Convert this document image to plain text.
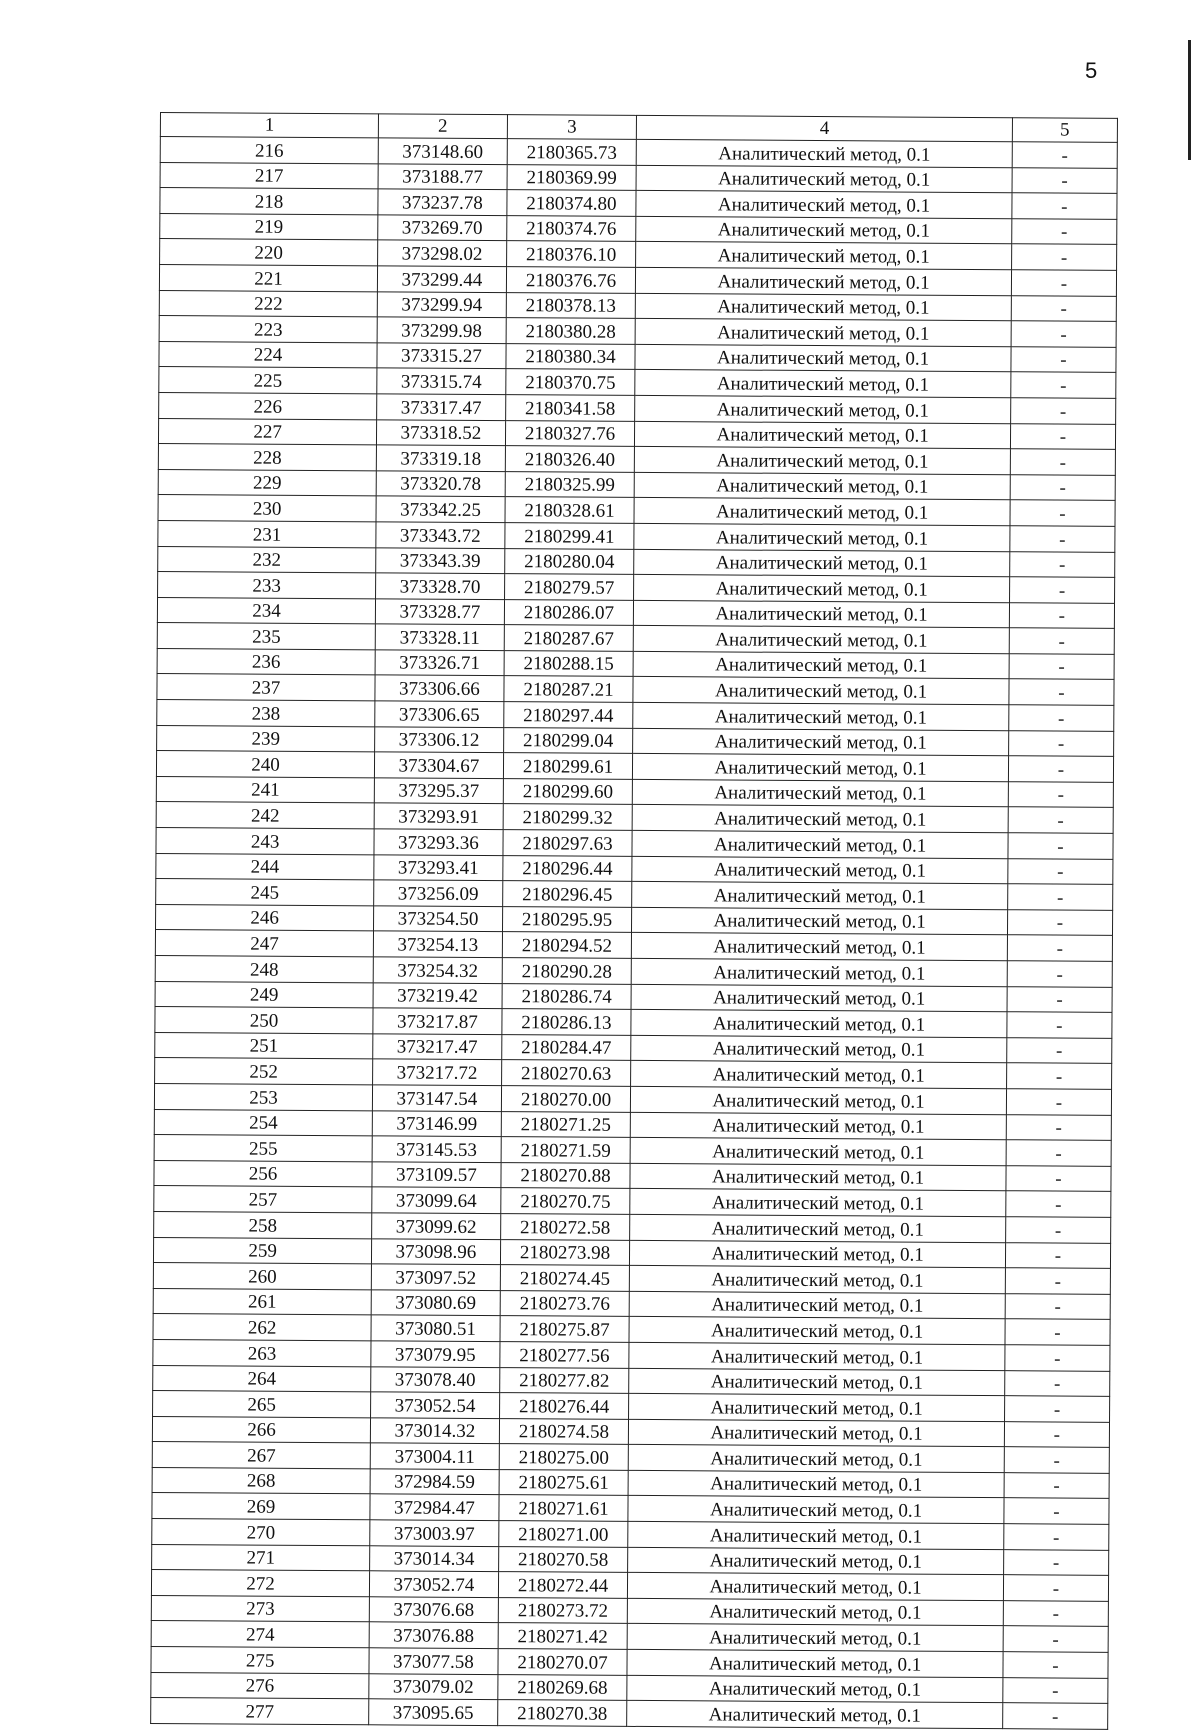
5
1	2	3	4	5
216	373148.60	2180365.73	Аналитический метод, 0.1	-
217	373188.77	2180369.99	Аналитический метод, 0.1	-
218	373237.78	2180374.80	Аналитический метод, 0.1	-
219	373269.70	2180374.76	Аналитический метод, 0.1	-
220	373298.02	2180376.10	Аналитический метод, 0.1	-
221	373299.44	2180376.76	Аналитический метод, 0.1	-
222	373299.94	2180378.13	Аналитический метод, 0.1	-
223	373299.98	2180380.28	Аналитический метод, 0.1	-
224	373315.27	2180380.34	Аналитический метод, 0.1	-
225	373315.74	2180370.75	Аналитический метод, 0.1	-
226	373317.47	2180341.58	Аналитический метод, 0.1	-
227	373318.52	2180327.76	Аналитический метод, 0.1	-
228	373319.18	2180326.40	Аналитический метод, 0.1	-
229	373320.78	2180325.99	Аналитический метод, 0.1	-
230	373342.25	2180328.61	Аналитический метод, 0.1	-
231	373343.72	2180299.41	Аналитический метод, 0.1	-
232	373343.39	2180280.04	Аналитический метод, 0.1	-
233	373328.70	2180279.57	Аналитический метод, 0.1	-
234	373328.77	2180286.07	Аналитический метод, 0.1	-
235	373328.11	2180287.67	Аналитический метод, 0.1	-
236	373326.71	2180288.15	Аналитический метод, 0.1	-
237	373306.66	2180287.21	Аналитический метод, 0.1	-
238	373306.65	2180297.44	Аналитический метод, 0.1	-
239	373306.12	2180299.04	Аналитический метод, 0.1	-
240	373304.67	2180299.61	Аналитический метод, 0.1	-
241	373295.37	2180299.60	Аналитический метод, 0.1	-
242	373293.91	2180299.32	Аналитический метод, 0.1	-
243	373293.36	2180297.63	Аналитический метод, 0.1	-
244	373293.41	2180296.44	Аналитический метод, 0.1	-
245	373256.09	2180296.45	Аналитический метод, 0.1	-
246	373254.50	2180295.95	Аналитический метод, 0.1	-
247	373254.13	2180294.52	Аналитический метод, 0.1	-
248	373254.32	2180290.28	Аналитический метод, 0.1	-
249	373219.42	2180286.74	Аналитический метод, 0.1	-
250	373217.87	2180286.13	Аналитический метод, 0.1	-
251	373217.47	2180284.47	Аналитический метод, 0.1	-
252	373217.72	2180270.63	Аналитический метод, 0.1	-
253	373147.54	2180270.00	Аналитический метод, 0.1	-
254	373146.99	2180271.25	Аналитический метод, 0.1	-
255	373145.53	2180271.59	Аналитический метод, 0.1	-
256	373109.57	2180270.88	Аналитический метод, 0.1	-
257	373099.64	2180270.75	Аналитический метод, 0.1	-
258	373099.62	2180272.58	Аналитический метод, 0.1	-
259	373098.96	2180273.98	Аналитический метод, 0.1	-
260	373097.52	2180274.45	Аналитический метод, 0.1	-
261	373080.69	2180273.76	Аналитический метод, 0.1	-
262	373080.51	2180275.87	Аналитический метод, 0.1	-
263	373079.95	2180277.56	Аналитический метод, 0.1	-
264	373078.40	2180277.82	Аналитический метод, 0.1	-
265	373052.54	2180276.44	Аналитический метод, 0.1	-
266	373014.32	2180274.58	Аналитический метод, 0.1	-
267	373004.11	2180275.00	Аналитический метод, 0.1	-
268	372984.59	2180275.61	Аналитический метод, 0.1	-
269	372984.47	2180271.61	Аналитический метод, 0.1	-
270	373003.97	2180271.00	Аналитический метод, 0.1	-
271	373014.34	2180270.58	Аналитический метод, 0.1	-
272	373052.74	2180272.44	Аналитический метод, 0.1	-
273	373076.68	2180273.72	Аналитический метод, 0.1	-
274	373076.88	2180271.42	Аналитический метод, 0.1	-
275	373077.58	2180270.07	Аналитический метод, 0.1	-
276	373079.02	2180269.68	Аналитический метод, 0.1	-
277	373095.65	2180270.38	Аналитический метод, 0.1	-
